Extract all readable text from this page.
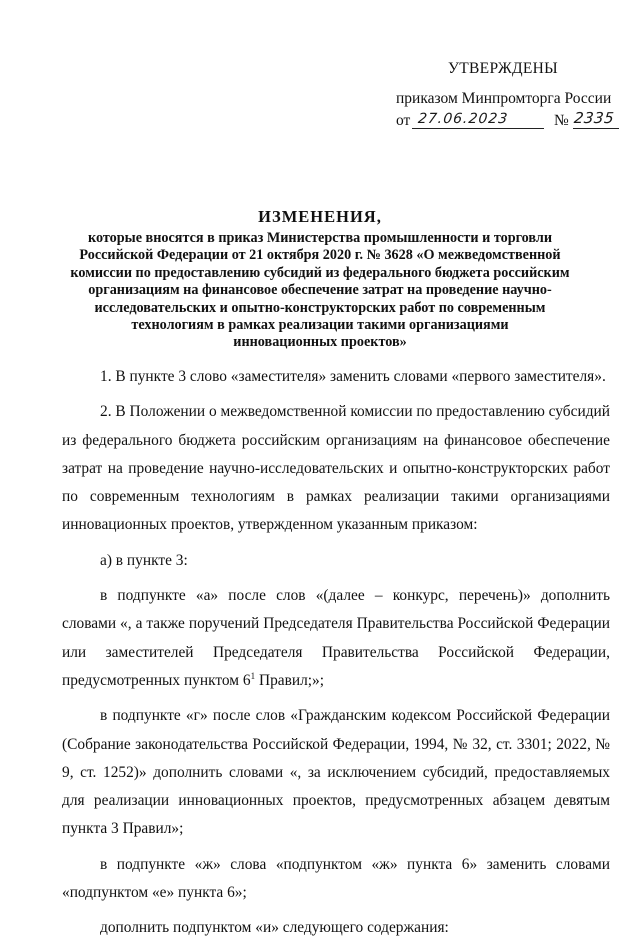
УТВЕРЖДЕНЫ
приказом Минпромторга России
от 27.06.2023	№ 2335
ИЗМЕНЕНИЯ,
которые вносятся в приказ Министерства промышленности и торговли
Российской Федерации от 21 октября 2020 г. № 3628 «О межведомственной
комиссии по предоставлению субсидий из федерального бюджета российским
организациям на финансовое обеспечение затрат на проведение научно-
исследовательских и опытно-конструкторских работ по современным
технологиям в рамках реализации такими организациями
инновационных проектов»

1. В пункте 3 слово «заместителя» заменить словами «первого заместителя».

2. В Положении о межведомственной комиссии по предоставлению субсидий из федерального бюджета российским организациям на финансовое обеспечение затрат на проведение научно-исследовательских и опытно-конструкторских работ по современным технологиям в рамках реализации такими организациями инновационных проектов, утвержденном указанным приказом:

а) в пункте 3:

в подпункте «а» после слов «(далее – конкурс, перечень)» дополнить словами «, а также поручений Председателя Правительства Российской Федерации или заместителей Председателя Правительства Российской Федерации, предусмотренных пунктом $6^1$ Правил;»;

в подпункте «г» после слов «Гражданским кодексом Российской Федерации (Собрание законодательства Российской Федерации, 1994, № 32, ст. 3301; 2022, № 9, ст. 1252)» дополнить словами «, за исключением субсидий, предоставляемых для реализации инновационных проектов, предусмотренных абзацем девятым пункта 3 Правил»;

в подпункте «ж» слова «подпунктом «ж» пункта 6» заменить словами «подпунктом «е» пункта 6»;

дополнить подпунктом «и» следующего содержания:
